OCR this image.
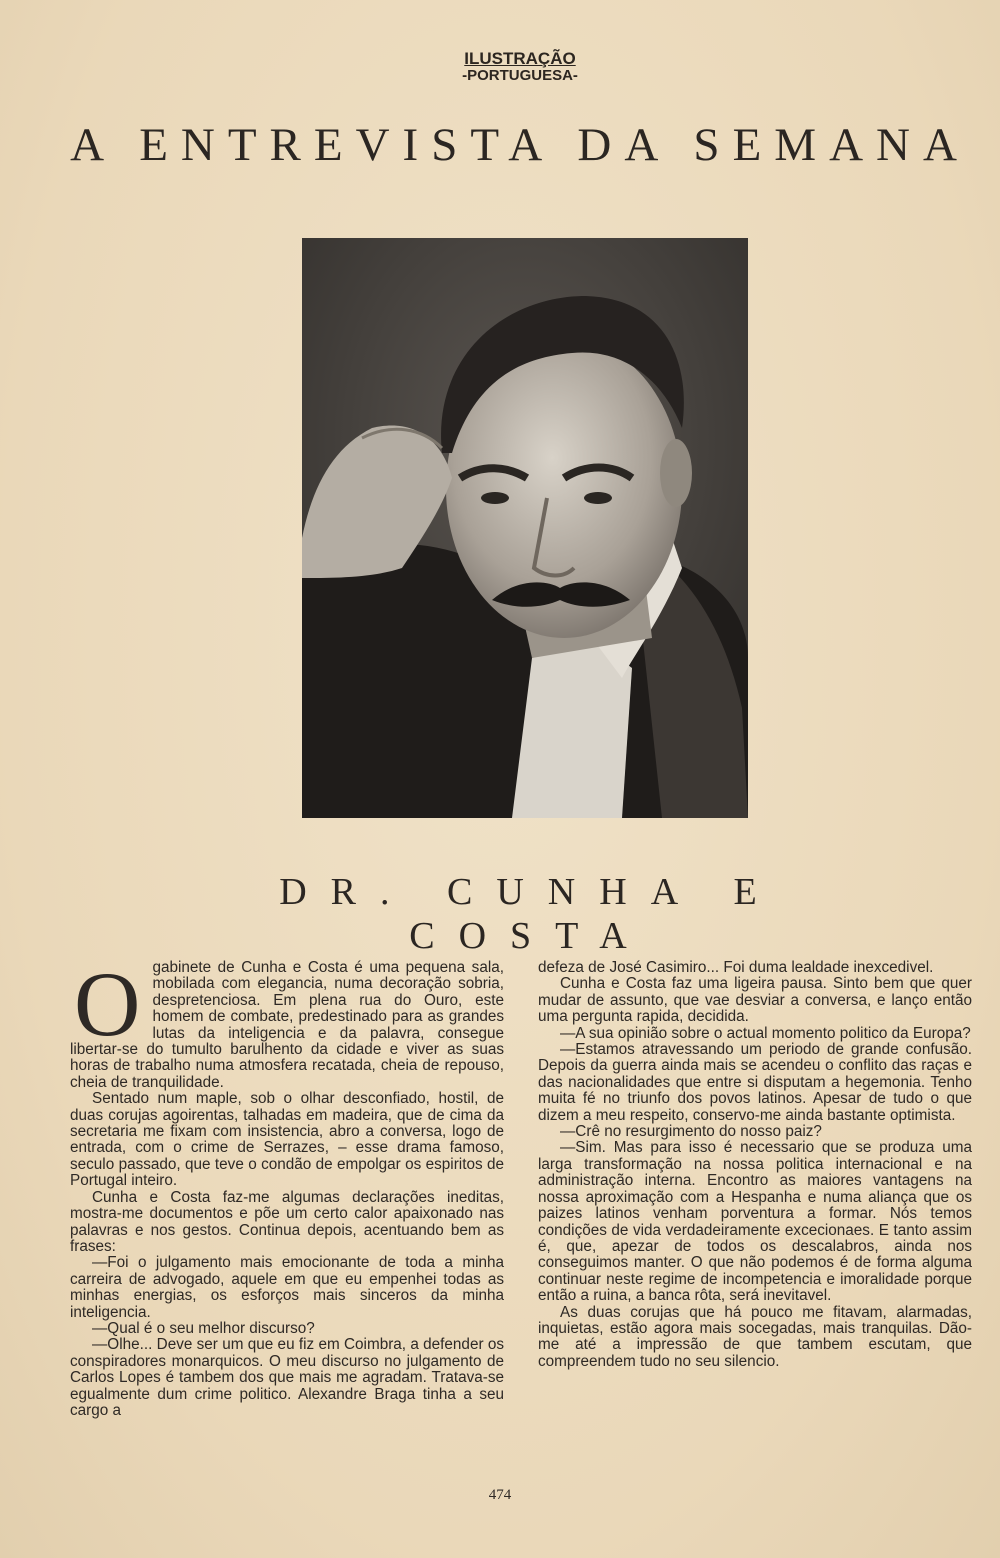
ILUSTRAÇÃO
-PORTUGUESA-
A ENTREVISTA DA SEMANA
DR. CUNHA E COSTA
O gabinete de Cunha e Costa é uma pequena sala, mobilada com elegancia, numa decoração sobria, despretenciosa. Em plena rua do Ouro, este homem de combate, predestinado para as grandes lutas da inteligencia e da palavra, consegue libertar-se do tumulto barulhento da cidade e viver as suas horas de trabalho numa atmosfera recatada, cheia de repouso, cheia de tranquilidade.

Sentado num maple, sob o olhar desconfiado, hostil, de duas corujas agoirentas, talhadas em madeira, que de cima da secretaria me fixam com insistencia, abro a conversa, logo de entrada, com o crime de Serrazes, – esse drama famoso, seculo passado, que teve o condão de empolgar os espiritos de Portugal inteiro.

Cunha e Costa faz-me algumas declarações ineditas, mostra-me documentos e põe um certo calor apaixonado nas palavras e nos gestos. Continua depois, acentuando bem as frases:

—Foi o julgamento mais emocionante de toda a minha carreira de advogado, aquele em que eu empenhei todas as minhas energias, os esforços mais sinceros da minha inteligencia.

—Qual é o seu melhor discurso?

—Olhe... Deve ser um que eu fiz em Coimbra, a defender os conspiradores monarquicos. O meu discurso no julgamento de Carlos Lopes é tambem dos que mais me agradam. Tratava-se egualmente dum crime politico. Alexandre Braga tinha a seu cargo a

defeza de José Casimiro... Foi duma lealdade inexcedivel.

Cunha e Costa faz uma ligeira pausa. Sinto bem que quer mudar de assunto, que vae desviar a conversa, e lanço então uma pergunta rapida, decidida.

—A sua opinião sobre o actual momento politico da Europa?

—Estamos atravessando um periodo de grande confusão. Depois da guerra ainda mais se acendeu o conflito das raças e das nacionalidades que entre si disputam a hegemonia. Tenho muita fé no triunfo dos povos latinos. Apesar de tudo o que dizem a meu respeito, conservo-me ainda bastante optimista.

—Crê no resurgimento do nosso paiz?

—Sim. Mas para isso é necessario que se produza uma larga transformação na nossa politica internacional e na administração interna. Encontro as maiores vantagens na nossa aproximação com a Hespanha e numa aliança que os paizes latinos venham porventura a formar. Nós temos condições de vida verdadeiramente excecionaes. E tanto assim é, que, apezar de todos os descalabros, ainda nos conseguimos manter. O que não podemos é de forma alguma continuar neste regime de incompetencia e imoralidade porque então a ruina, a banca rôta, será inevitavel.

As duas corujas que há pouco me fitavam, alarmadas, inquietas, estão agora mais socegadas, mais tranquilas. Dão-me até a impressão de que tambem escutam, que compreendem tudo no seu silencio.

474
